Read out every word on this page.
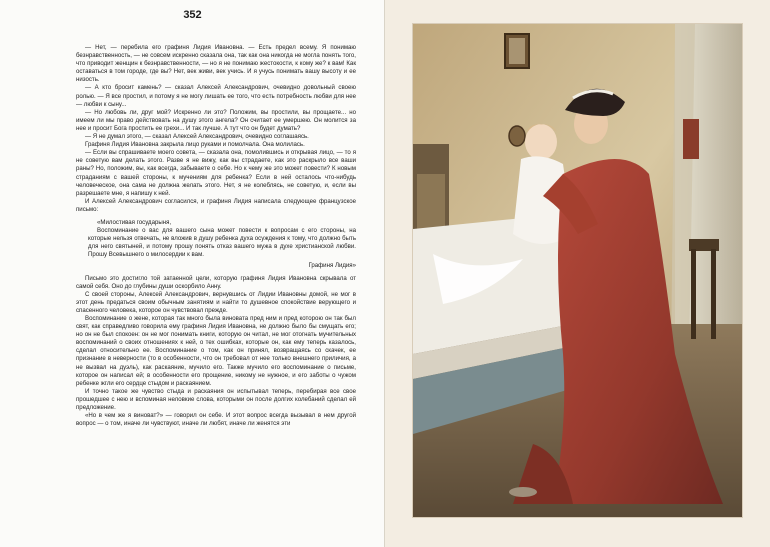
352

— Нет, — перебила его графиня Лидия Ивановна. — Есть предел всему. Я понимаю безнравственность, — не совсем искренно сказала она, так как она никогда не могла понять того, что приводит женщин к безнравственности, — но я не понимаю жестокости, к кому же? к вам! Как оставаться в том городе, где вы? Нет, век живи, век учись. И я учусь понимать вашу высоту и ее низость.

— А кто бросит камень? — сказал Алексей Александрович, очевидно довольный своею ролью. — Я все простил, и потому я не могу лишать ее того, что есть потребность любви для нее — любви к сыну...

— Но любовь ли, друг мой? Искренно ли это? Положим, вы простили, вы прощаете... но имеем ли мы право действовать на душу этого ангела? Он считает ее умершею. Он молится за нее и просит Бога простить ее грехи... И так лучше. А тут что он будет думать?

— Я не думал этого, — сказал Алексей Александрович, очевидно соглашаясь.

Графиня Лидия Ивановна закрыла лицо руками и помолчала. Она молилась.

— Если вы спрашиваете моего совета, — сказала она, помолившись и открывая лицо, — то я не советую вам делать этого. Разве я не вижу, как вы страдаете, как это раскрыло все ваши раны? Но, положим, вы, как всегда, забываете о себе. Но к чему же это может повести? К новым страданиям с вашей стороны, к мучениям для ребенка? Если в ней осталось что-нибудь человеческое, она сама не должна желать этого. Нет, я не колеблясь, не советую, и, если вы разрешаете мне, я напишу к ней.

И Алексей Александрович согласился, и графиня Лидия написала следующее французское письмо:

«Милостивая государыня,

Воспоминание о вас для вашего сына может повести к вопросам с его стороны, на которые нельзя отвечать, не вложив в душу ребенка духа осуждения к тому, что должно быть для него святыней, и потому прошу понять отказ вашего мужа в духе христианской любви. Прошу Всевышнего о милосердии к вам.

Графиня Лидия»

Письмо это достигло той затаенной цели, которую графиня Лидия Ивановна скрывала от самой себя. Оно до глубины души оскорбило Анну.

С своей стороны, Алексей Александрович, вернувшись от Лидии Ивановны домой, не мог в этот день предаться своим обычным занятиям и найти то душевное спокойствие верующего и спасенного человека, которое он чувствовал прежде.

Воспоминание о жене, которая так много была виновата пред ним и пред которою он так был свят, как справедливо говорила ему графиня Лидия Ивановна, не должно было бы смущать его; но он не был спокоен: он не мог понимать книги, которую он читал, не мог отогнать мучительных воспоминаний о своих отношениях к ней, о тех ошибках, которые он, как ему теперь казалось, сделал относительно ее. Воспоминание о том, как он принял, возвращаясь со скачек, ее признание в неверности (то в особенности, что он требовал от нее только внешнего приличия, а не вызвал на дуэль), как раскаяние, мучило его. Также мучило его воспоминание о письме, которое он написал ей; в особенности его прощение, никому не нужное, и его заботы о чужом ребенке жгли его сердце стыдом и раскаянием.

И точно такое же чувство стыда и раскаяния он испытывал теперь, перебирая все свое прошедшее с нею и вспоминая неловкие слова, которыми он после долгих колебаний сделал ей предложение.

«Но в чем же я виноват?» — говорил он себе. И этот вопрос всегда вызывал в нем другой вопрос — о том, иначе ли чувствуют, иначе ли любят, иначе ли женятся эти
